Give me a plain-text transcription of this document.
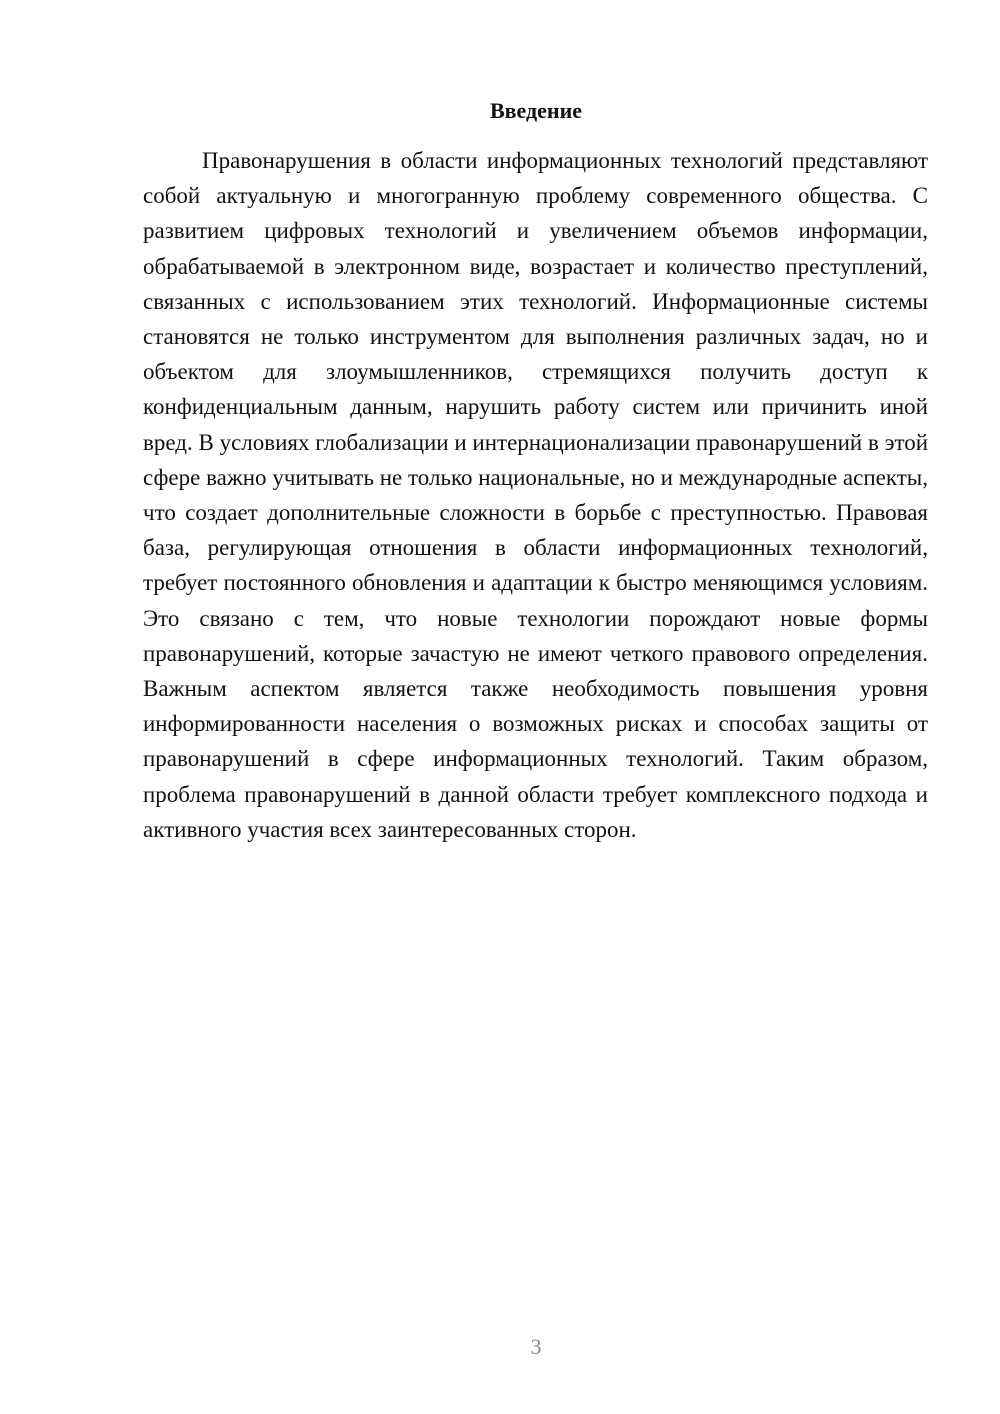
Введение

Правонарушения в области информационных технологий представляют собой актуальную и многогранную проблему современного общества. С развитием цифровых технологий и увеличением объемов информации, обрабатываемой в электронном виде, возрастает и количество преступлений, связанных с использованием этих технологий. Информационные системы становятся не только инструментом для выполнения различных задач, но и объектом для злоумышленников, стремящихся получить доступ к конфиденциальным данным, нарушить работу систем или причинить иной вред. В условиях глобализации и интернационализации правонарушений в этой сфере важно учитывать не только национальные, но и международные аспекты, что создает дополнительные сложности в борьбе с преступностью. Правовая база, регулирующая отношения в области информационных технологий, требует постоянного обновления и адаптации к быстро меняющимся условиям. Это связано с тем, что новые технологии порождают новые формы правонарушений, которые зачастую не имеют четкого правового определения. Важным аспектом является также необходимость повышения уровня информированности населения о возможных рисках и способах защиты от правонарушений в сфере информационных технологий. Таким образом, проблема правонарушений в данной области требует комплексного подхода и активного участия всех заинтересованных сторон.

3
